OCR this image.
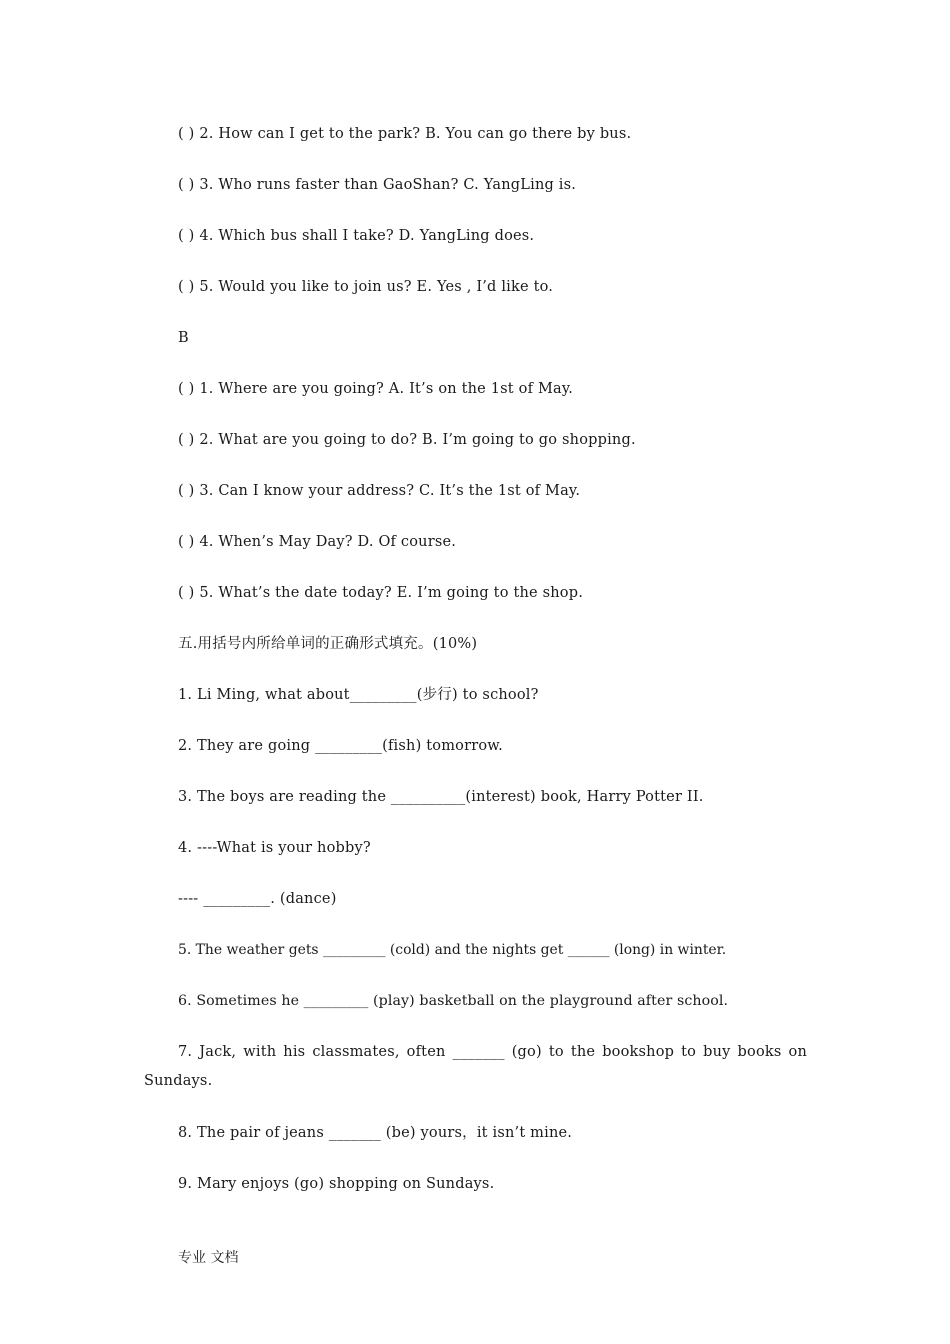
( ) 2. How can I get to the park? B. You can go there by bus.
( ) 3. Who runs faster than GaoShan? C. YangLing is.
( ) 4. Which bus shall I take? D. YangLing does.
( ) 5. Would you like to join us? E. Yes , I’d like to.
B
( ) 1. Where are you going? A. It’s on the 1st of May.
( ) 2. What are you going to do? B. I’m going to go shopping.
( ) 3. Can I know your address? C. It’s the 1st of May.
( ) 4. When’s May Day? D. Of course.
( ) 5. What’s the date today? E. I’m going to the shop.
五.用括号内所给单词的正确形式填充。(10%)
1. Li Ming, what about_________(步行) to school?
2. They are going _________(fish) tomorrow.
3. The boys are reading the __________(interest) book, Harry Potter II.
4. ----What is your hobby?
---- _________. (dance)
5. The weather gets _________ (cold) and the nights get ______ (long) in winter.
6. Sometimes he _________ (play) basketball on the playground after school.
7. Jack, with his classmates, often _______ (go) to the bookshop to buy books on Sundays.
8. The pair of jeans _______ (be) yours，it isn’t mine.
9. Mary enjoys (go) shopping on Sundays.
专业 文档
